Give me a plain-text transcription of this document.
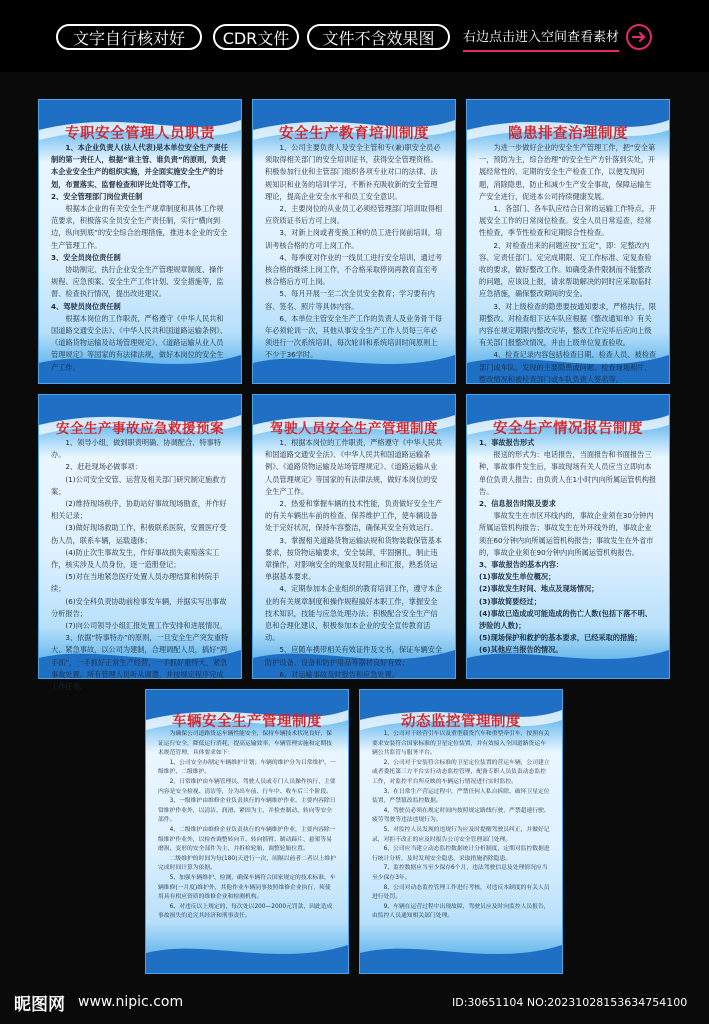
文字自行核对好	CDR文件	文件不含效果图	右边点击进入空间查看素材
专职安全管理人员职责

1、本企业负责人(法人代表)是本单位安全生产责任制的第一责任人，根据“谁主管、谁负责”的原则，负责本企业安全生产的组织实施，并全面实施安全生产的计划，布置落实、监督检查和评比处罚等工作。

2、安全管理部门岗位责任制

根据本企业的有关安全生产规章制度和具体工作规范要求，积极落实全员安全生产责任制，实行“横向到边，纵向到底”的安全综合治理措施，推进本企业的安全生产管理工作。

3、安全员岗位责任制

协助制定、执行企业安全生产管理规章制度、操作规程、应急预案、安全生产工作计划、安全措施等，监督、检查执行情况，提出改进建议。

4、驾驶员岗位责任制

根据本岗位的工作职责，严格遵守《中华人民共和国道路交通安全法》、《中华人民共和国道路运输条例》、《道路货物运输及站场管理规定》、《道路运输从业人员管理规定》等国家的有法律法规，做好本岗位的安全生产工作。

安全生产教育培训制度

1、公司主要负责人及安全主管和专(兼)职安全员必须取得相关部门的安全培训证书，获得安全管理资格。积极参加行业和主管部门组织各项专业对口的法律、法规知识和业务的培训学习，不断补充吸收新的安全管理理论，提高企业安全水平和员工安全意识。

2、主要岗位的从业员工必须经管理部门培训取得相应资质证书后方可上岗。

3、对新上岗或者变换工种的员工进行岗前培训，培训考核合格的方可上岗工作。

4、每季度对作业的一线员工进行安全培训，通过考核合格的继续上岗工作，不合格采取停岗再教育直至考核合格后方可上岗。

5、每月开展一至二次全员安全教育；学习要有内容、签名、照片等具体内容。

6、本单位主管安全生产工作的负责人及业务骨干每年必须轮训一次，其他从事安全生产工作人员每三年必须进行一次系统培训，每次轮训和系统培训时间原则上不少于36学时。

隐患排查治理制度

为进一步做好企业的安全生产管理工作，把“安全第一，预防为主，综合治理”的安全生产方针落到实处，开展经常性的、定期的安全生产检查工作，以便发现问题，消除隐患，防止和减少生产安全事故，保障运输生产安全进行，促进本公司持续健康发展。

1、各部门、各车队应结合日常的运输工作特点，开展安全工作的日常岗位检查。安全人员日常巡查，经常性检查，季节性检查和定期综合性检查。

2、对检查出来的问题应按“五定”，即：定整改内容、定责任部门、定完成期限、定工作标准、定复查验收的要求，做好整改工作。如确受条件限制而不能整改的问题，应该设上报，请求帮助解决的同时应采取临时应急措施，确保整改期间的安全。

3、对上级检查的隐患要按通知要求，严格执行，限期整改。对检查组下达车队应根据《整改通知单》有关内容在规定期限内整改完毕，整改工作完毕后应向上级有关部门报整改情况，并由上级单位复查验收。

4、检查记录内容包括检查日期、检查人员、被检查部门或车队、发现的主要隐患或问题、检查现场照片、整改情况和被检查部门或车队负责人签名等。

安全生产事故应急救援预案

1、领导小组，做到职责明确、协调配合、特事特办。

2、赶赴现场必做事项：

(1)公司安全安管、运营及相关部门研究制定施救方案；

(2)维持现场秩序，协助站好事故现场勘查，并作好相关记录；

(3)做好现场救助工作，积极联系医院，安置医疗受伤人员，联系车辆，运载遗体；

(4)防止次生事故发生，作好事故损失索赔落实工作，核实涉及人员身份，逐一造册登记；

(5)对在当地紧急医疗处置人员办理结算和转院手续；

(6)安全科负责协助前检事发车辆，并据实写出事故分析报告；

(7)向公司领导小组汇报处置工作安排和进展情况。

3、依据“特事特办”的原则，一旦安全生产突发重特大、紧急事故，以公司为建制，合理调配人员，搞好“两手抓”，一手抓好正常生产经营，一手抓好重特大、紧急事故处置。所有管理人员听从调遣，并按规定程序完成工作任务。

驾驶人员安全生产管理制度

1、根据本岗位的工作职责，严格遵守《中华人民共和国道路交通安全法》、《中华人民共和国道路运输条例》、《道路货物运输及站场管理规定》、《道路运输从业人员管理规定》等国家的有法律法规，做好本岗位的安全生产工作。

2、热爱和掌握车辆的技术性能，负责做好安全生产的有关车辆出车前的检查、保养维护工作，使车辆设备处于完好状况，保持车容整洁，确保其安全有效运行。

3、掌握相关道路货物运输法规和货物装载保管基本要求，按货物运输要求，安全装卸，牢固捆扎，制止违章操作，对影响安全的现象及时阻止和汇报，熟悉货运单据基本要求。

4、定期参加本企业组织的教育培训工作，遵守本企业的有关规章制度和操作规程搞好本职工作，掌握安全技术知识，技能与应急处理办法；积极配合安全生产信息和合理化建议，积极参加本企业的安全宣传教育活动。

5、应随车携带相关有效证件及文书，保证车辆安全防护设备、设备和防护用品等器材良好有效；

6、对运输事故及时报告和应急处置。

安全生产情况报告制度

1、事故报告形式

报送的形式为：电话报告，当面报告和书面报告三种，事故事件发生后，事故现场有关人员应当立即向本单位负责人报告；由负责人在1小时内向所属运管机构报告。

2、信息报告时限及要求

事故发生在市区环线内的，事故企业须在30分钟内所属运管机构报告；事故发生在外环线外的，事故企业须在60分钟内向所属运管机构报告；事故发生在外省市的，事故企业须在90分钟内向所属运管机构报告。

3、事故报告的基本内容：

(1)事故发生单位概况；

(2)事故发生时间、地点及现场情况；

(3)事故简要经过；

(4)事故已造成或可能造成的伤亡人数(包括下落不明、涉险的人数)；

(5)现场保护和救护的基本要求，已经采取的措施；

(6)其他应当报告的情况。

车辆安全生产管理制度

为确保公司道路货运车辆性能安全，保持车辆技术状况良好，保证运行安全，降低运行消耗，提高运输效率，车辆管理实施和定期技术规范管理，具体要求如下：

1、公司安全办制定车辆维护计划；车辆的维护分为日常维护、一级维护、二级维护。

2、日常维护由车辆管理员、驾驶人员或专门人员操作执行，主要内容是安全检视、清洁等，分为出车前、行车中、收车后三个阶段。

3、一级维护由维修企业负责执行的车辆维护作业。主要内容除日常维护作业外，以清洁、润滑、紧固为主，并检查制动、转向等安全部件。

4、二级维护由维修企业负责执行的车辆维护作业，主要内容除一级维护作业外，以检查调整转向节、转向摇臂、制动蹄片、悬架等易磨损、变形的安全部件为主，并拆检轮胎，调整轮胎位置。

二级维护的时间为每(180)天进行一次，间隔以前者二者以上维护完成时间计算为依据。

5、加强车辆维护、检测，确保车辆符合国家规定的技术标准，车辆维修(一月度)维护外，其他作业车辆同事按照维修企业执行，须使用具有相应资质的维修企业和检测机构。

6、对违反以上规定的，每次处以200—2000元罚款，因此造成事故损失的追究其经济和刑事责任。

动态监控管理制度

1、公司对于经营引车以及重型载货汽车和重型牵引车，按照有关要求安装符合国家标准的卫星定位装置，并有效接入全国道路货运车辆公共监管与服务平台。

2、公司对于安装符合标准的卫星定位装置的营运车辆，公司建立或者委托第三方平台实行动态监控管理，配备专职人员负责动态监控工作，对监控平台所反映的车辆运行情况进行实时监控。

3、在日常生产营运过程中，严禁任何人私自拆除、破坏卫星定位装置，严禁篡改监控数据。

4、驾驶员必须在规定时间内按照规定路线行驶，严禁超速行驶、疲劳驾驶等违法违规行为。

5、对监控人员发现的违规行为应及时提醒驾驶员纠正，并做好记录，对拒不改正的应及时报告公司安全管理部门处理。

6、公司应当建立动态监控数据统计分析制度，定期对监控数据进行统计分析，及时发现安全隐患，采取措施消除隐患。

7、监控数据应当至少保存6个月，违法驾驶信息及处理情况应当至少保存3年。

8、公司对动态监控管理工作进行考核，对违反本制度的有关人员进行处罚。

9、车辆在运营过程中出现故障，驾驶员应及时向监控人员报告，由监控人员通知相关部门处理。

昵图网 www.nipic.com	ID:30651104 NO:20231028153634754100
